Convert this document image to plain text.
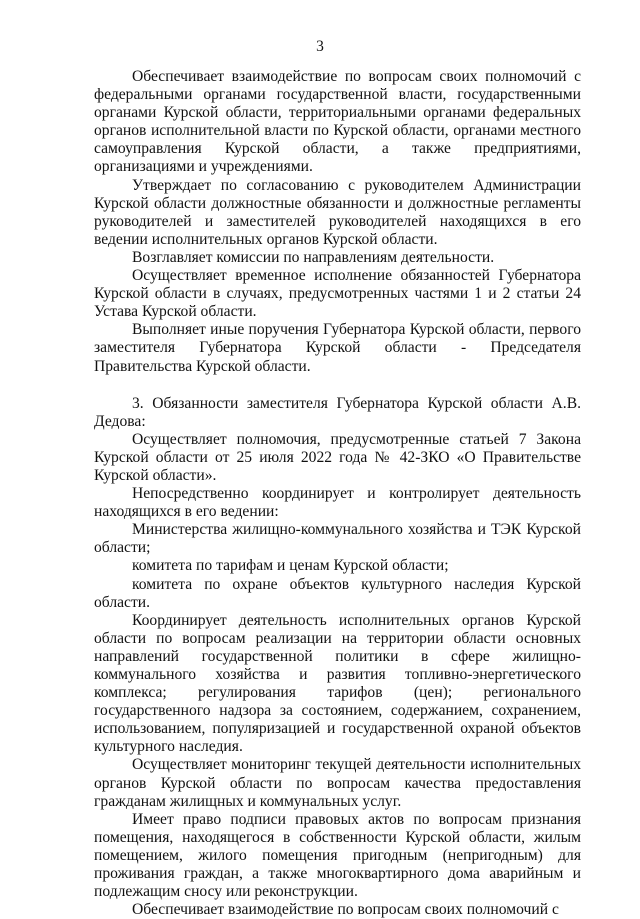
3

Обеспечивает взаимодействие по вопросам своих полномочий с федеральными органами государственной власти, государственными органами Курской области, территориальными органами федеральных органов исполнительной власти по Курской области, органами местного самоуправления Курской области, а также предприятиями, организациями и учреждениями.

Утверждает по согласованию с руководителем Администрации Курской области должностные обязанности и должностные регламенты руководителей и заместителей руководителей находящихся в его ведении исполнительных органов Курской области.

Возглавляет комиссии по направлениям деятельности.

Осуществляет временное исполнение обязанностей Губернатора Курской области в случаях, предусмотренных частями 1 и 2 статьи 24 Устава Курской области.

Выполняет иные поручения Губернатора Курской области, первого заместителя Губернатора Курской области - Председателя Правительства Курской области.

3. Обязанности заместителя Губернатора Курской области А.В. Дедова:

Осуществляет полномочия, предусмотренные статьей 7 Закона Курской области от 25 июля 2022 года № 42-ЗКО «О Правительстве Курской области».

Непосредственно координирует и контролирует деятельность находящихся в его ведении:

Министерства жилищно-коммунального хозяйства и ТЭК Курской области;

комитета по тарифам и ценам Курской области;

комитета по охране объектов культурного наследия Курской области.

Координирует деятельность исполнительных органов Курской области по вопросам реализации на территории области основных направлений государственной политики в сфере жилищно-коммунального хозяйства и развития топливно-энергетического комплекса; регулирования тарифов (цен); регионального государственного надзора за состоянием, содержанием, сохранением, использованием, популяризацией и государственной охраной объектов культурного наследия.

Осуществляет мониторинг текущей деятельности исполнительных органов Курской области по вопросам качества предоставления гражданам жилищных и коммунальных услуг.

Имеет право подписи правовых актов по вопросам признания помещения, находящегося в собственности Курской области, жилым помещением, жилого помещения пригодным (непригодным) для проживания граждан, а также многоквартирного дома аварийным и подлежащим сносу или реконструкции.

Обеспечивает взаимодействие по вопросам своих полномочий с
